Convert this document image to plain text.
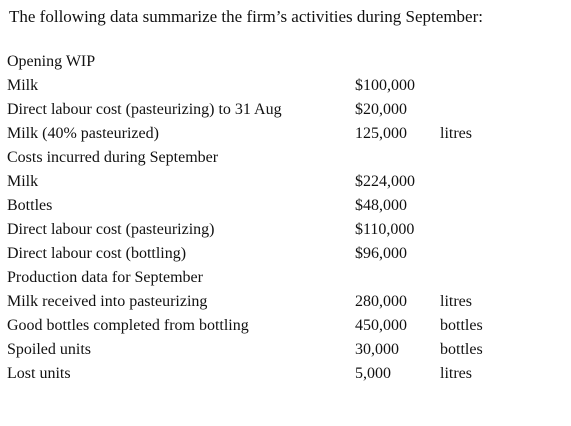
The following data summarize the firm’s activities during September:
Opening WIP
Milk	$100,000
Direct labour cost (pasteurizing) to 31 Aug	$20,000
Milk (40% pasteurized)	125,000 litres
Costs incurred during September
Milk	$224,000
Bottles	$48,000
Direct labour cost (pasteurizing)	$110,000
Direct labour cost (bottling)	$96,000
Production data for September
Milk received into pasteurizing	280,000 litres
Good bottles completed from bottling	450,000 bottles
Spoiled units	30,000	bottles
Lost units	5,000	litres
